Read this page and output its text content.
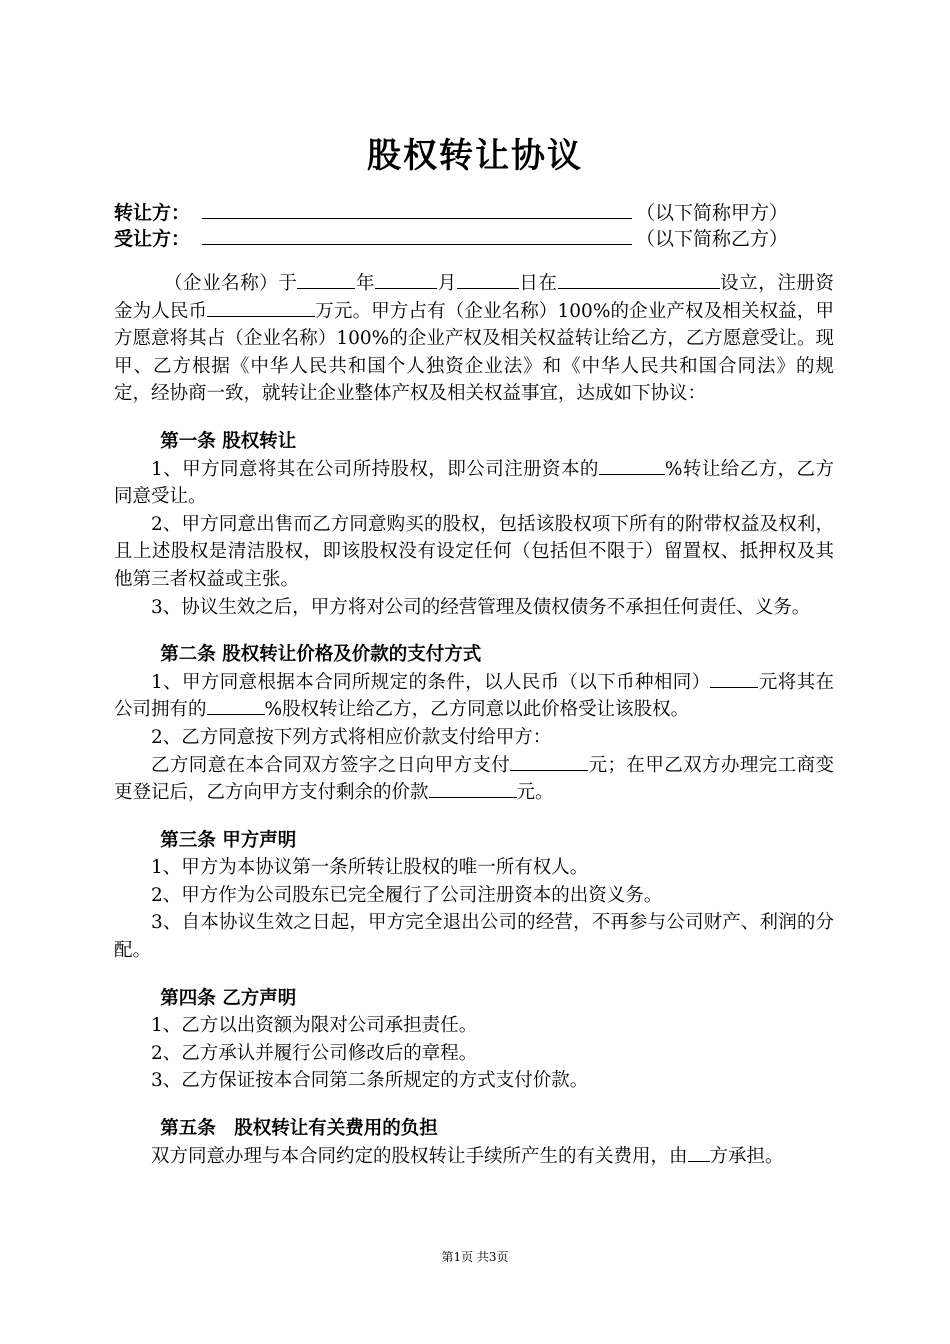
股权转让协议
转让方：	（以下简称甲方）
受让方：	（以下简称乙方）

（企业名称）于	年	月	日在	设立，注册资金为人民币	万元。甲方占有（企业名称）100%的企业产权及相关权益，甲方愿意将其占（企业名称）100%的企业产权及相关权益转让给乙方，乙方愿意受让。现甲、乙方根据《中华人民共和国个人独资企业法》和《中华人民共和国合同法》的规定，经协商一致，就转让企业整体产权及相关权益事宜，达成如下协议：

第一条 股权转让

1、甲方同意将其在公司所持股权，即公司注册资本的	%转让给乙方，乙方同意受让。

2、甲方同意出售而乙方同意购买的股权，包括该股权项下所有的附带权益及权利，且上述股权是清洁股权，即该股权没有设定任何（包括但不限于）留置权、抵押权及其他第三者权益或主张。

3、协议生效之后，甲方将对公司的经营管理及债权债务不承担任何责任、义务。

第二条 股权转让价格及价款的支付方式

1、甲方同意根据本合同所规定的条件，以人民币（以下币种相同）	元将其在公司拥有的	%股权转让给乙方，乙方同意以此价格受让该股权。

2、乙方同意按下列方式将相应价款支付给甲方：

乙方同意在本合同双方签字之日向甲方支付	元；在甲乙双方办理完工商变更登记后，乙方向甲方支付剩余的价款	元。

第三条 甲方声明

1、甲方为本协议第一条所转让股权的唯一所有权人。

2、甲方作为公司股东已完全履行了公司注册资本的出资义务。

3、自本协议生效之日起，甲方完全退出公司的经营，不再参与公司财产、利润的分配。

第四条 乙方声明

1、乙方以出资额为限对公司承担责任。

2、乙方承认并履行公司修改后的章程。

3、乙方保证按本合同第二条所规定的方式支付价款。

第五条　股权转让有关费用的负担

双方同意办理与本合同约定的股权转让手续所产生的有关费用，由 方承担。

第1页 共3页
